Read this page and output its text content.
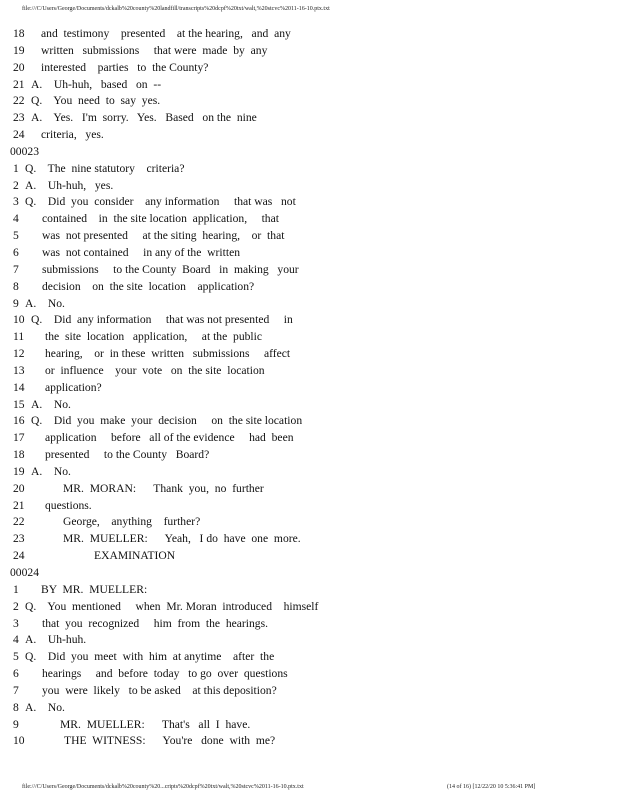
file:///C/Users/George/Documents/dckalb%20county%20landfill/transcripts%20dcpf%20txt/walt,%20stcvc%2011-16-10.ptx.txt
18 and  testimony    presented    at the hearing,   and  any
19 written   submissions     that were  made  by  any
20 interested    parties   to  the County?
21 A.    Uh-huh,   based   on  --
22 Q.    You  need  to  say  yes.
23 A.    Yes.   I'm  sorry.   Yes.   Based   on the  nine
24 criteria,   yes.
00023
1 Q.    The  nine statutory    criteria?
2 A.    Uh-huh,   yes.
3 Q.    Did  you  consider    any information     that was   not
4 contained    in  the site location  application,     that
5 was  not presented     at the siting  hearing,    or  that
6 was  not contained     in any of the  written
7 submissions     to the County  Board   in  making   your
8 decision    on  the site  location    application?
9 A.    No.
10 Q.    Did  any information     that was not presented     in
11 the  site  location   application,     at the  public
12 hearing,    or  in these  written   submissions     affect
13 or  influence    your  vote   on  the site  location
14 application?
15 A.    No.
16 Q.    Did  you  make  your  decision     on  the site location
17 application     before   all of the evidence     had  been
18 presented     to the County   Board?
19 A.    No.
20	MR.  MORAN:      Thank  you,  no  further
21 questions.
22	George,    anything    further?
23	MR.  MUELLER:      Yeah,   I do  have  one  more.
24	EXAMINATION
00024
1 BY  MR.  MUELLER:
2 Q.    You  mentioned     when  Mr. Moran  introduced    himself
3 that  you  recognized     him  from  the  hearings.
4 A.    Uh-huh.
5 Q.    Did  you  meet  with  him  at anytime    after  the
6 hearings     and  before  today   to go  over  questions
7 you  were  likely   to be asked    at this deposition?
8 A.    No.
9	MR.  MUELLER:      That's   all  I  have.
10	THE  WITNESS:      You're   done  with  me?
file:///C/Users/George/Documents/dckalb%20county%20...cripts%20dcpf%20txt/walt,%20stcvc%2011-16-10.ptx.txt	(14 of 16) [12/22/20 10 5:36:41 PM]
